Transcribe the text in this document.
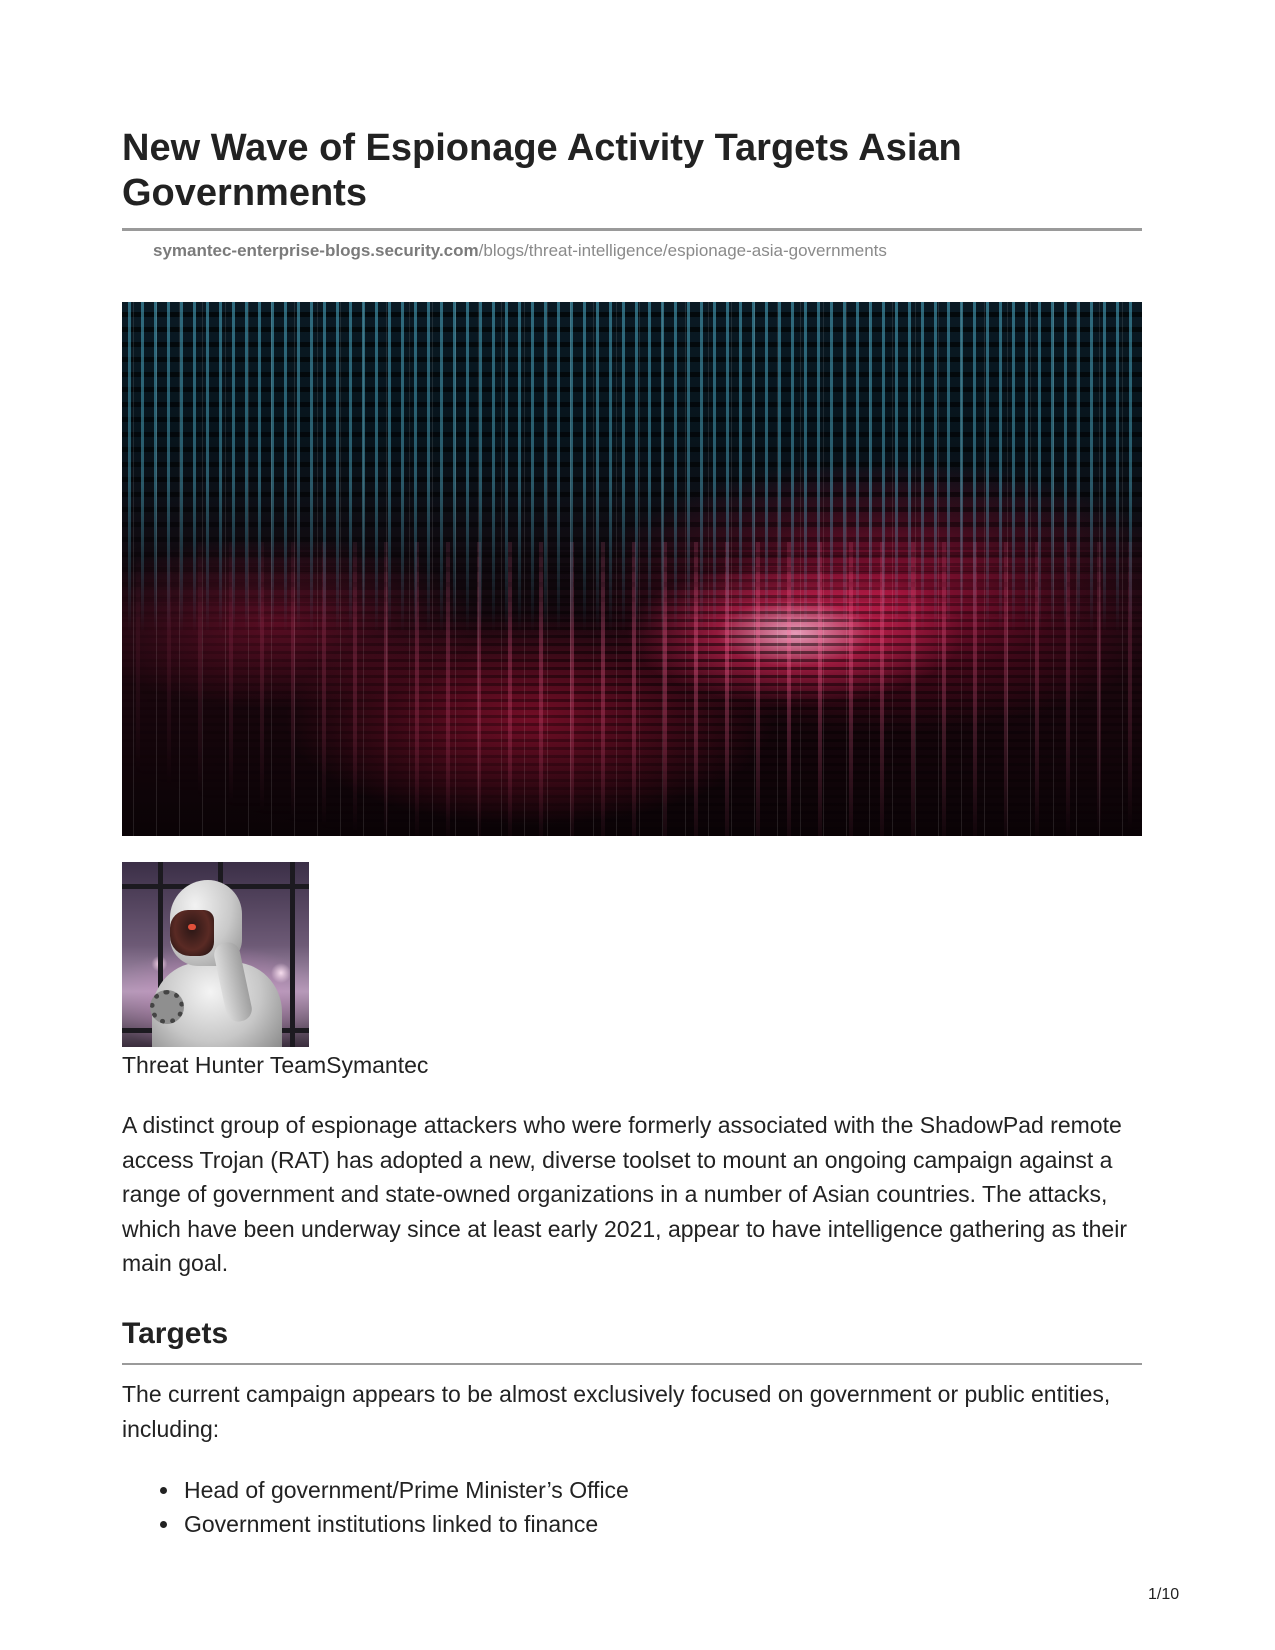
New Wave of Espionage Activity Targets Asian Governments
symantec-enterprise-blogs.security.com/blogs/threat-intelligence/espionage-asia-governments
Threat Hunter TeamSymantec

A distinct group of espionage attackers who were formerly associated with the ShadowPad remote access Trojan (RAT) has adopted a new, diverse toolset to mount an ongoing campaign against a range of government and state-owned organizations in a number of Asian countries. The attacks, which have been underway since at least early 2021, appear to have intelligence gathering as their main goal.

Targets

The current campaign appears to be almost exclusively focused on government or public entities, including:

Head of government/Prime Minister’s Office
Government institutions linked to finance
1/10
